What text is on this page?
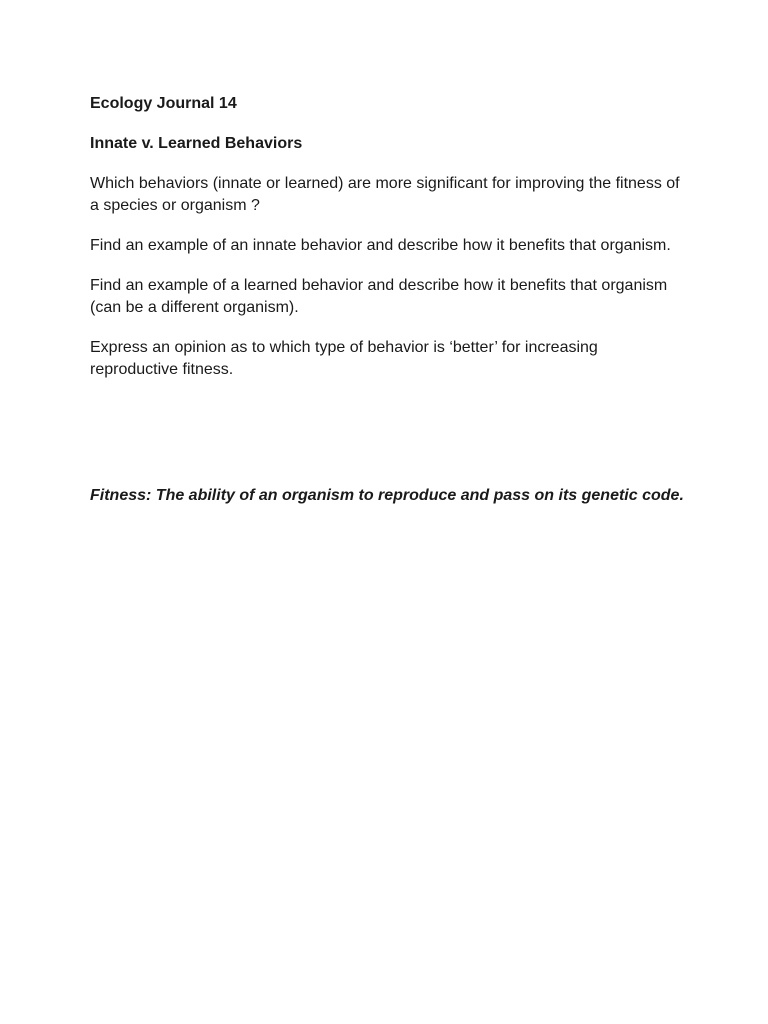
Ecology Journal 14

Innate v. Learned Behaviors

Which behaviors (innate or learned) are more significant for improving the fitness of a species or organism ?

Find an example of an innate behavior and describe how it benefits that organism.

Find an example of a learned behavior and describe how it benefits that organism (can be a different organism).

Express an opinion as to which type of behavior is ‘better’ for increasing reproductive fitness.

Fitness: The ability of an organism to reproduce and pass on its genetic code.
